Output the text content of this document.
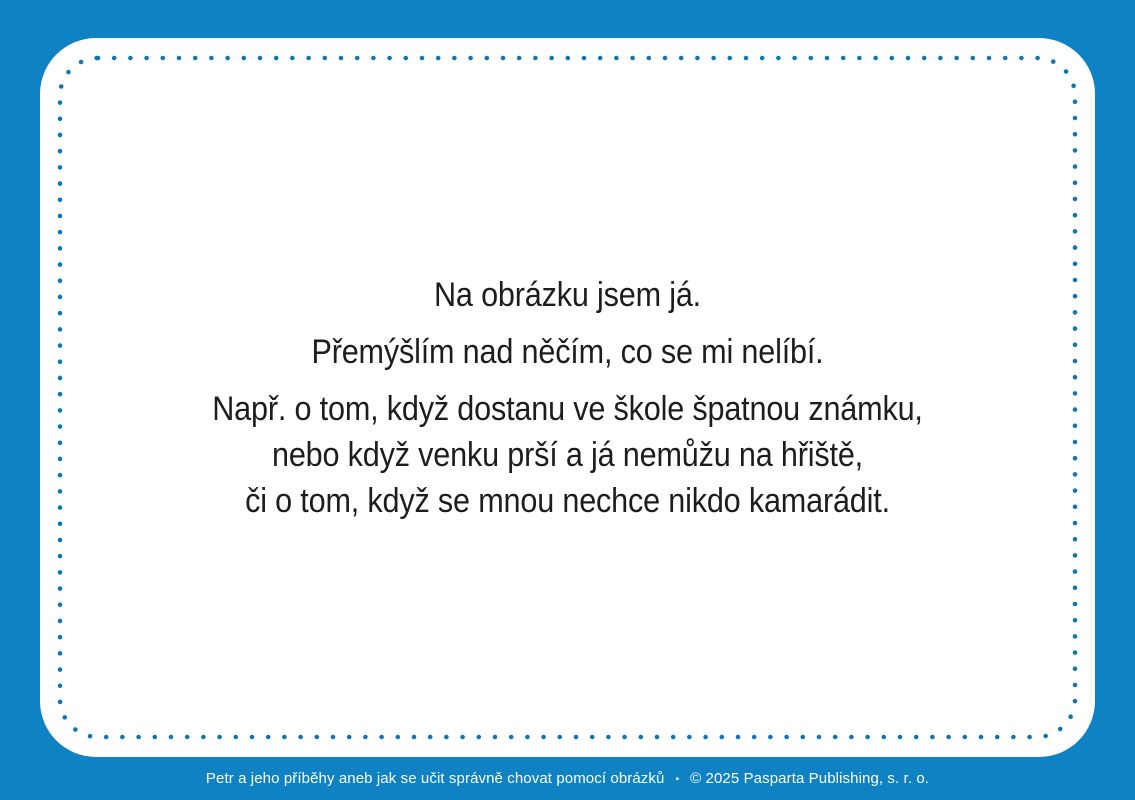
Na obrázku jsem já.

Přemýšlím nad něčím, co se mi nelíbí.

Např. o tom, když dostanu ve škole špatnou známku,
nebo když venku prší a já nemůžu na hřiště,
či o tom, když se mnou nechce nikdo kamarádit.

Petr a jeho příběhy aneb jak se učit správně chovat pomocí obrázků ▪ © 2025 Pasparta Publishing, s. r. o.
